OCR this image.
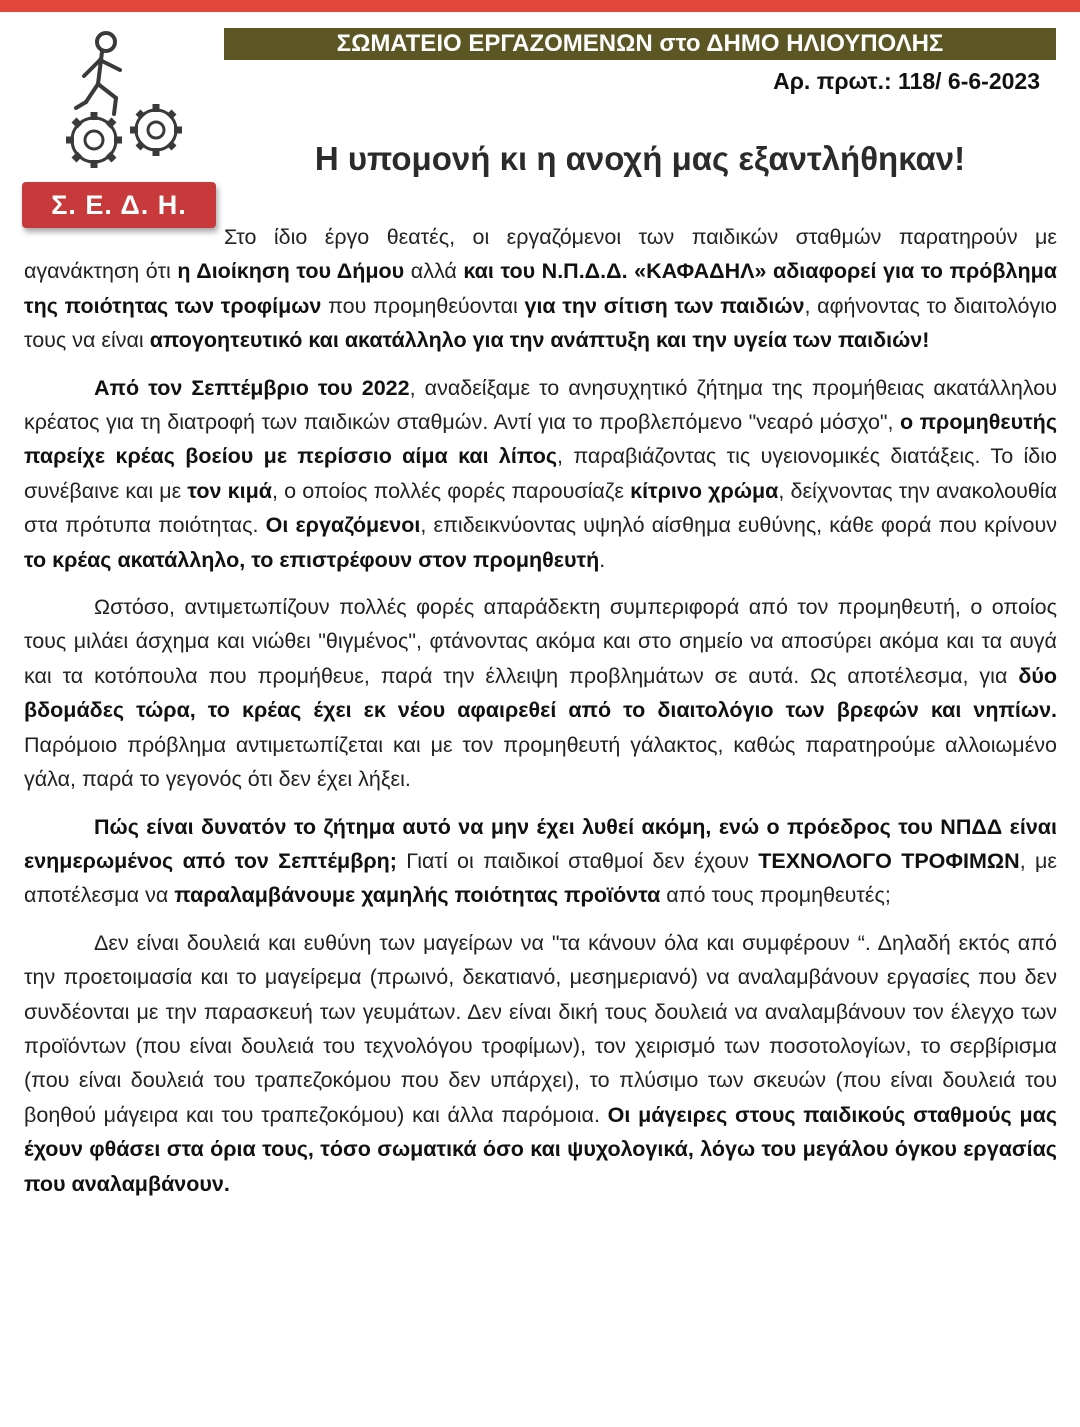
Σ. Ε. Δ. Η.
ΣΩΜΑΤΕΙΟ ΕΡΓΑΖΟΜΕΝΩΝ στο ΔΗΜΟ ΗΛΙΟΥΠΟΛΗΣ
Αρ. πρωτ.: 118/ 6-6-2023
Η υπομονή κι η ανοχή μας εξαντλήθηκαν!

Στο ίδιο έργο θεατές, οι εργαζόμενοι των παιδικών σταθμών παρατηρούν με αγανάκτηση ότι η Διοίκηση του Δήμου αλλά και του Ν.Π.Δ.Δ. «ΚΑΦΑΔΗΛ» αδιαφορεί για το πρόβλημα της ποιότητας των τροφίμων που προμηθεύονται για την σίτιση των παιδιών, αφήνοντας το διαιτολόγιο τους να είναι απογοητευτικό και ακατάλληλο για την ανάπτυξη και την υγεία των παιδιών!

Από τον Σεπτέμβριο του 2022, αναδείξαμε το ανησυχητικό ζήτημα της προμήθειας ακατάλληλου κρέατος για τη διατροφή των παιδικών σταθμών. Αντί για το προβλεπόμενο "νεαρό μόσχο", ο προμηθευτής παρείχε κρέας βοείου με περίσσιο αίμα και λίπος, παραβιάζοντας τις υγειονομικές διατάξεις. Το ίδιο συνέβαινε και με τον κιμά, ο οποίος πολλές φορές παρουσίαζε κίτρινο χρώμα, δείχνοντας την ανακολουθία στα πρότυπα ποιότητας. Οι εργαζόμενοι, επιδεικνύοντας υψηλό αίσθημα ευθύνης, κάθε φορά που κρίνουν το κρέας ακατάλληλο, το επιστρέφουν στον προμηθευτή.

Ωστόσο, αντιμετωπίζουν πολλές φορές απαράδεκτη συμπεριφορά από τον προμηθευτή, ο οποίος τους μιλάει άσχημα και νιώθει "θιγμένος", φτάνοντας ακόμα και στο σημείο να αποσύρει ακόμα και τα αυγά και τα κοτόπουλα που προμήθευε, παρά την έλλειψη προβλημάτων σε αυτά. Ως αποτέλεσμα, για δύο βδομάδες τώρα, το κρέας έχει εκ νέου αφαιρεθεί από το διαιτολόγιο των βρεφών και νηπίων. Παρόμοιο πρόβλημα αντιμετωπίζεται και με τον προμηθευτή γάλακτος, καθώς παρατηρούμε αλλοιωμένο γάλα, παρά το γεγονός ότι δεν έχει λήξει.

Πώς είναι δυνατόν το ζήτημα αυτό να μην έχει λυθεί ακόμη, ενώ ο πρόεδρος του ΝΠΔΔ είναι ενημερωμένος από τον Σεπτέμβρη; Γιατί οι παιδικοί σταθμοί δεν έχουν ΤΕΧΝΟΛΟΓΟ ΤΡΟΦΙΜΩΝ, με αποτέλεσμα να παραλαμβάνουμε χαμηλής ποιότητας προϊόντα από τους προμηθευτές;

Δεν είναι δουλειά και ευθύνη των μαγείρων να "τα κάνουν όλα και συμφέρουν “. Δηλαδή εκτός από την προετοιμασία και το μαγείρεμα (πρωινό, δεκατιανό, μεσημεριανό) να αναλαμβάνουν εργασίες που δεν συνδέονται με την παρασκευή των γευμάτων. Δεν είναι δική τους δουλειά να αναλαμβάνουν τον έλεγχο των προϊόντων (που είναι δουλειά του τεχνολόγου τροφίμων), τον χειρισμό των ποσοτολογίων, το σερβίρισμα (που είναι δουλειά του τραπεζοκόμου που δεν υπάρχει), το πλύσιμο των σκευών (που είναι δουλειά του βοηθού μάγειρα και του τραπεζοκόμου) και άλλα παρόμοια. Οι μάγειρες στους παιδικούς σταθμούς μας έχουν φθάσει στα όρια τους, τόσο σωματικά όσο και ψυχολογικά, λόγω του μεγάλου όγκου εργασίας που αναλαμβάνουν.
